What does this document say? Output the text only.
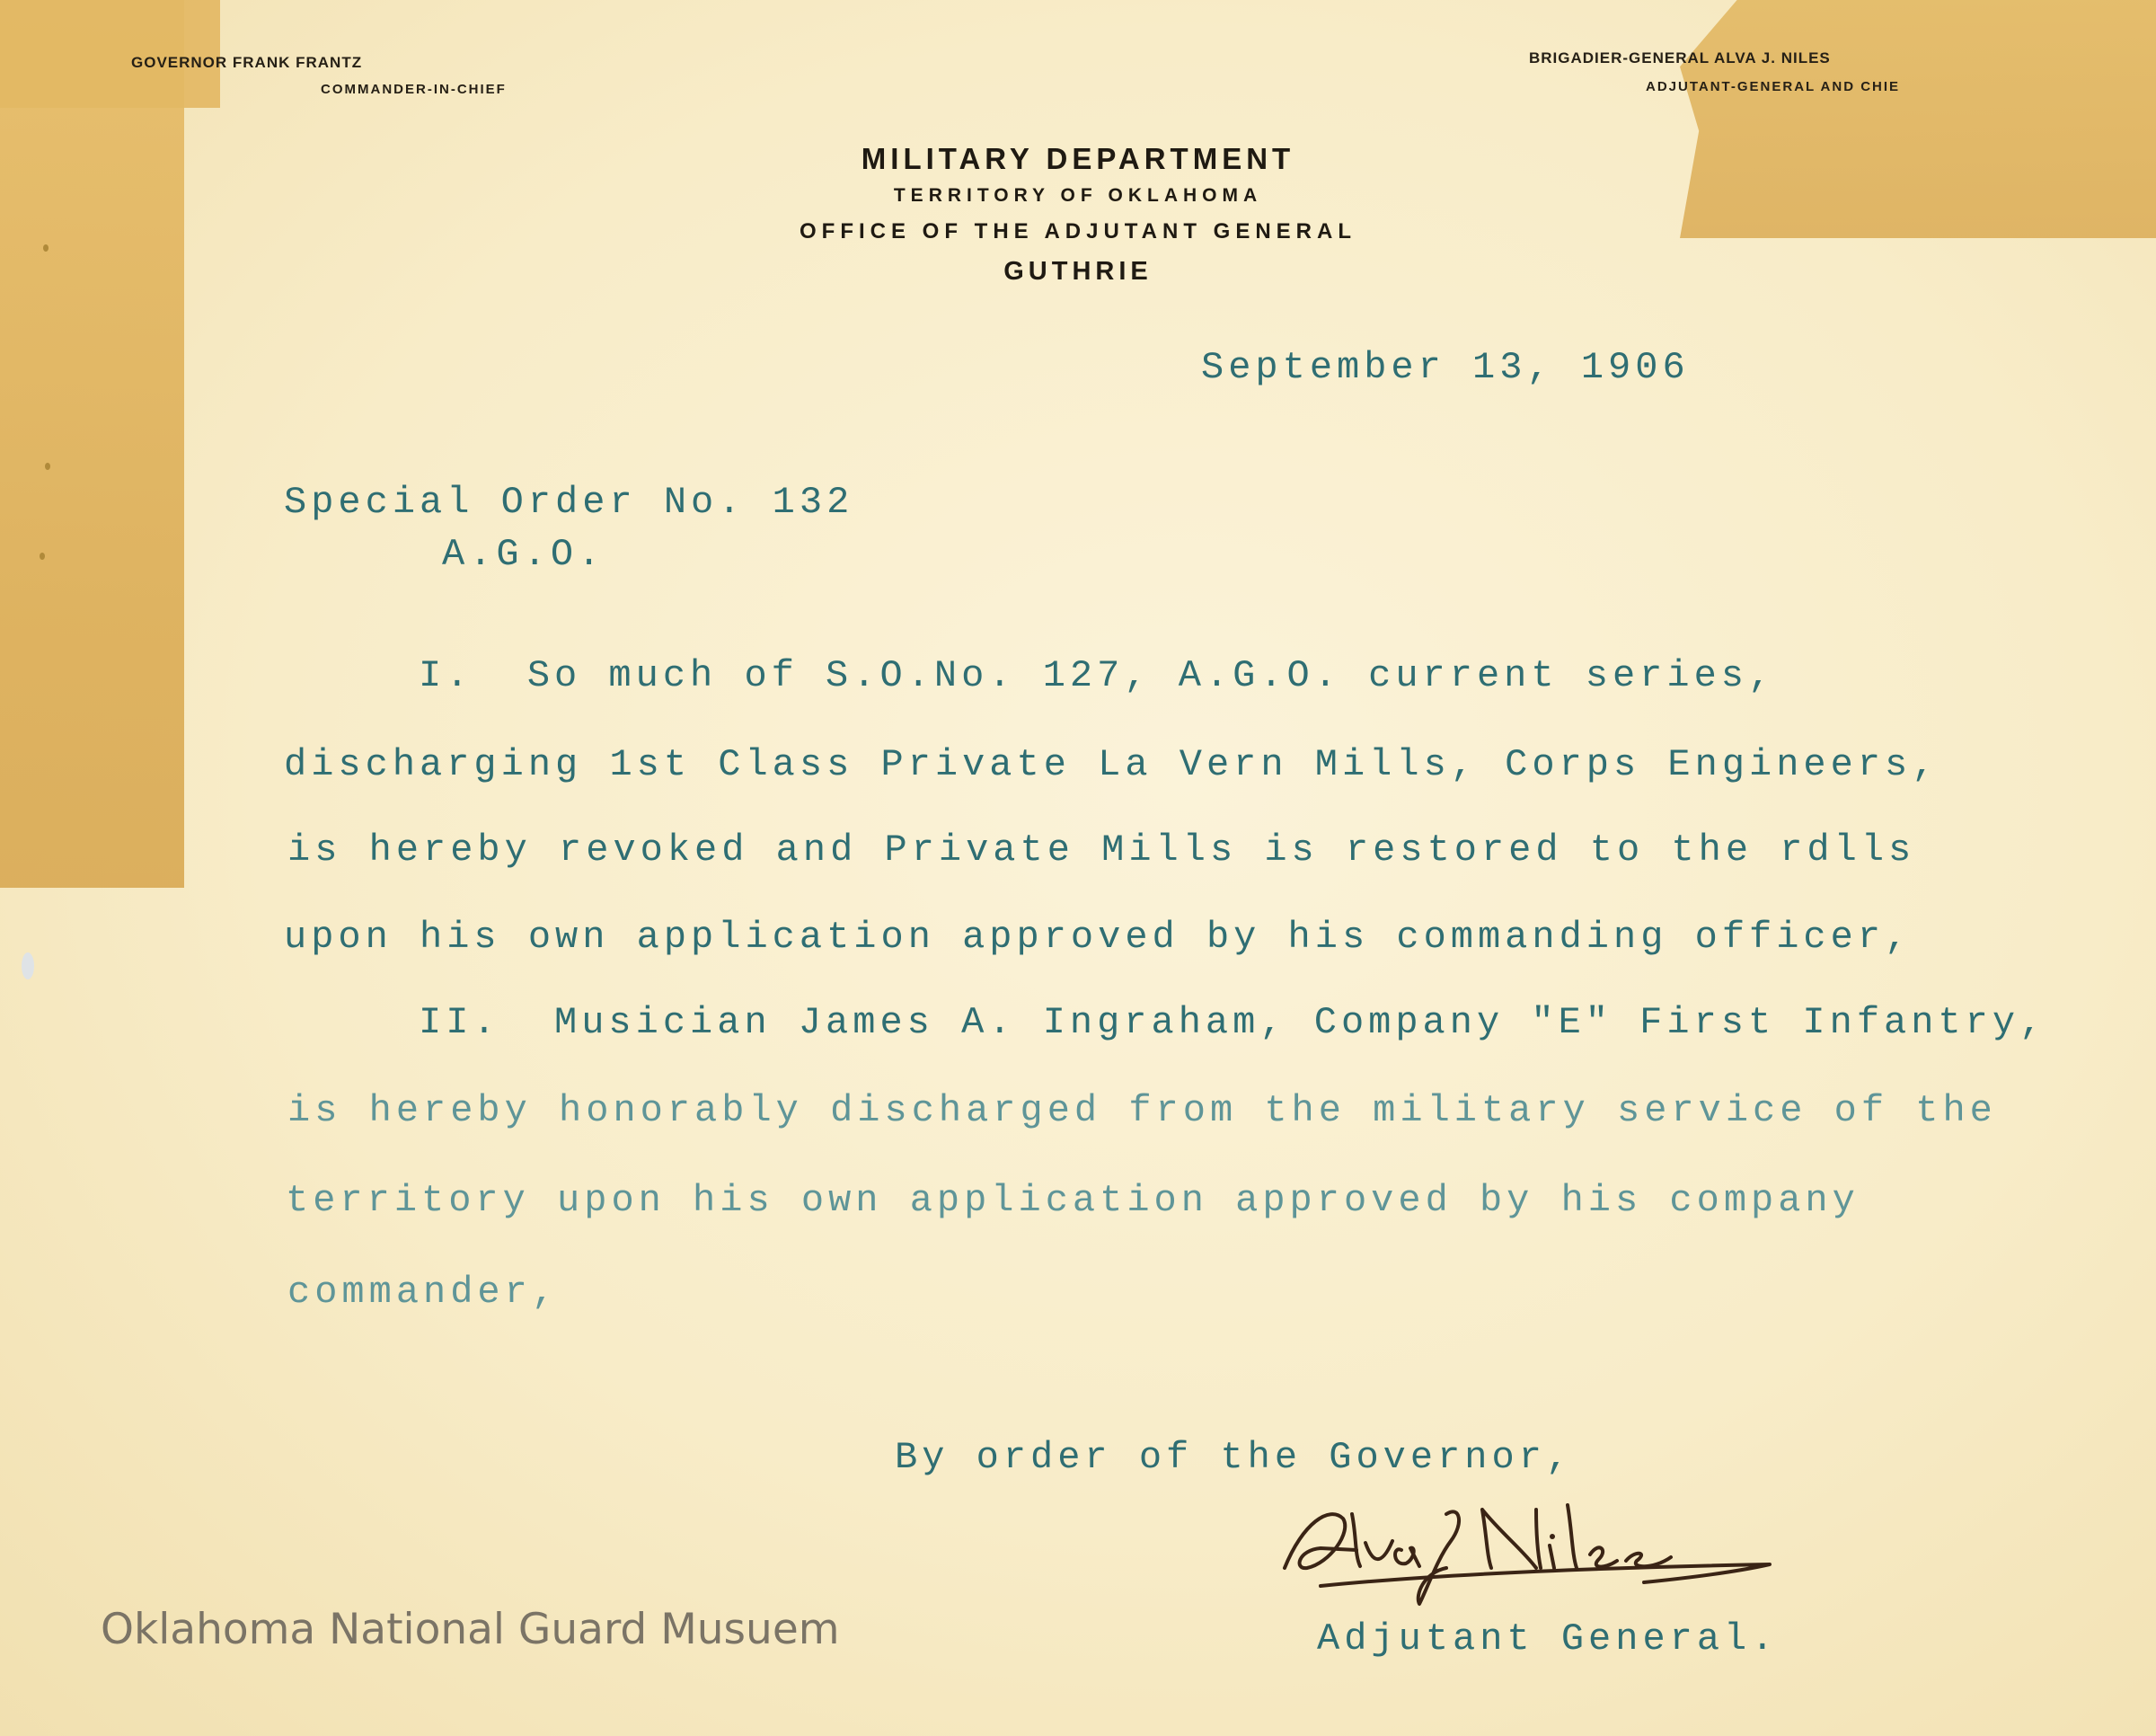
GOVERNOR FRANK FRANTZ
COMMANDER-IN-CHIEF
BRIGADIER-GENERAL ALVA J. NILES
ADJUTANT-GENERAL AND CHIE
MILITARY DEPARTMENT
TERRITORY OF OKLAHOMA
OFFICE OF THE ADJUTANT GENERAL
GUTHRIE
September 13, 1906
Special Order No. 132
A.G.O.
I.  So much of S.O.No. 127, A.G.O. current series,
discharging 1st Class Private La Vern Mills, Corps Engineers,
is hereby revoked and Private Mills is restored to the rdlls
upon his own application approved by his commanding officer,
II.  Musician James A. Ingraham, Company "E" First Infantry,
is hereby honorably discharged from the military service of the
territory upon his own application approved by his company
commander,
By order of the Governor,
Adjutant General.
Oklahoma National Guard Musuem
